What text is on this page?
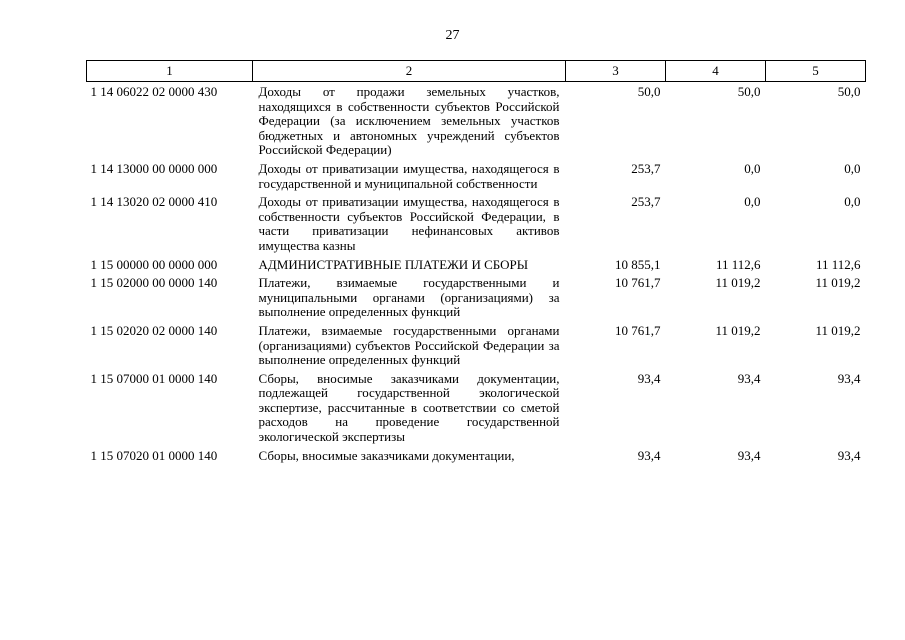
27
1	2	3	4	5
1 14 06022 02 0000 430	Доходы от продажи земельных участков, находящихся в собственности субъектов Российской Федерации (за исключением земельных участков бюджетных и автономных учреждений субъектов Российской Федерации)	50,0	50,0	50,0
1 14 13000 00 0000 000	Доходы от приватизации имущества, находящегося в государственной и муниципальной собственности	253,7	0,0	0,0
1 14 13020 02 0000 410	Доходы от приватизации имущества, находящегося в собственности субъектов Российской Федерации, в части приватизации нефинансовых активов имущества казны	253,7	0,0	0,0
1 15 00000 00 0000 000	АДМИНИСТРАТИВНЫЕ ПЛАТЕЖИ И СБОРЫ	10 855,1	11 112,6	11 112,6
1 15 02000 00 0000 140	Платежи, взимаемые государственными и муниципальными органами (организациями) за выполнение определенных функций	10 761,7	11 019,2	11 019,2
1 15 02020 02 0000 140	Платежи, взимаемые государственными органами (организациями) субъектов Российской Федерации за выполнение определенных функций	10 761,7	11 019,2	11 019,2
1 15 07000 01 0000 140	Сборы, вносимые заказчиками документации, подлежащей государственной экологической экспертизе, рассчитанные в соответствии со сметой расходов на проведение государственной экологической экспертизы	93,4	93,4	93,4
1 15 07020 01 0000 140	Сборы, вносимые заказчиками документации,	93,4	93,4	93,4
